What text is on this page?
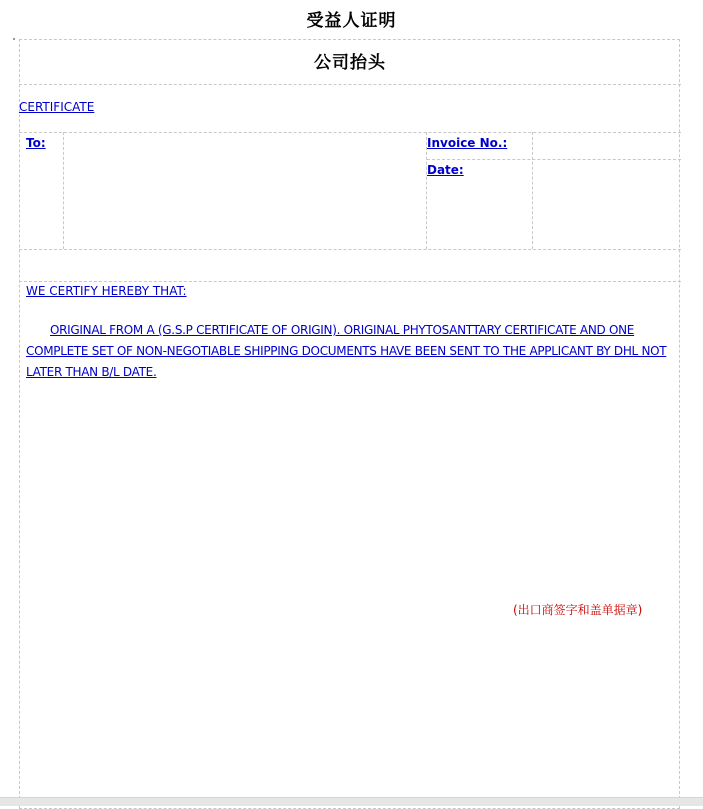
受益人证明
公司抬头
CERTIFICATE
To:	Invoice No.:
Date:
WE CERTIFY HEREBY THAT:
ORIGINAL FROM A (G.S.P CERTIFICATE OF ORIGIN). ORIGINAL PHYTOSANTTARY CERTIFICATE AND ONE COMPLETE SET OF NON-NEGOTIABLE SHIPPING DOCUMENTS HAVE BEEN SENT TO THE APPLICANT BY DHL NOT LATER THAN B/L DATE.
(出口商签字和盖单据章)
